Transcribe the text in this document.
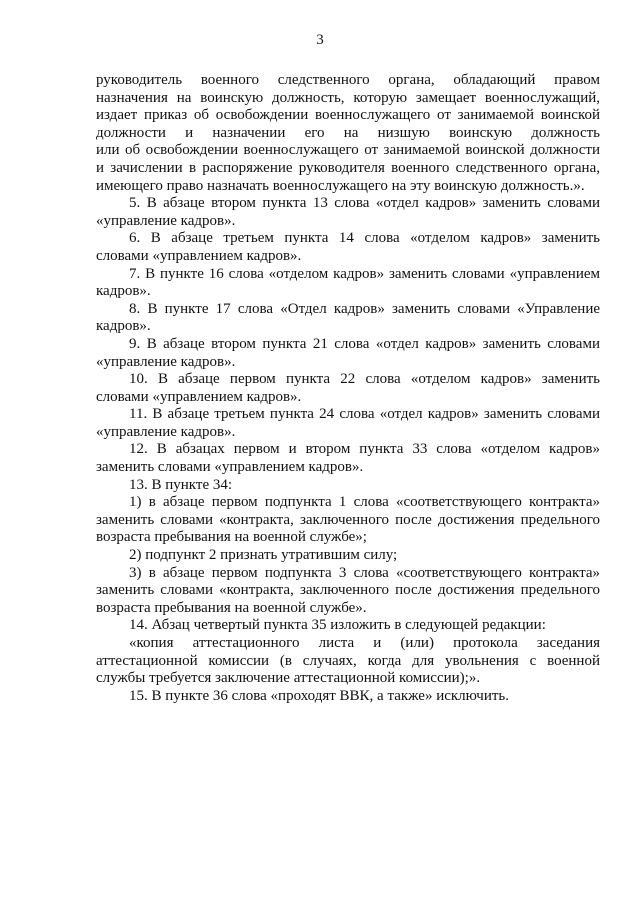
3
руководитель военного следственного органа, обладающий правом
назначения на воинскую должность, которую замещает военнослужащий,
издает приказ об освобождении военнослужащего от занимаемой воинской
должности и назначении его на низшую воинскую должность
или об освобождении военнослужащего от занимаемой воинской должности
и зачислении в распоряжение руководителя военного следственного органа,
имеющего право назначать военнослужащего на эту воинскую должность.».
5. В абзаце втором пункта 13 слова «отдел кадров» заменить словами
«управление кадров».
6. В абзаце третьем пункта 14 слова «отделом кадров» заменить
словами «управлением кадров».
7. В пункте 16 слова «отделом кадров» заменить словами «управлением
кадров».
8. В пункте 17 слова «Отдел кадров» заменить словами «Управление
кадров».
9. В абзаце втором пункта 21 слова «отдел кадров» заменить словами
«управление кадров».
10. В абзаце первом пункта 22 слова «отделом кадров» заменить
словами «управлением кадров».
11. В абзаце третьем пункта 24 слова «отдел кадров» заменить словами
«управление кадров».
12. В абзацах первом и втором пункта 33 слова «отделом кадров»
заменить словами «управлением кадров».
13. В пункте 34:
1) в абзаце первом подпункта 1 слова «соответствующего контракта»
заменить словами «контракта, заключенного после достижения предельного
возраста пребывания на военной службе»;
2) подпункт 2 признать утратившим силу;
3) в абзаце первом подпункта 3 слова «соответствующего контракта»
заменить словами «контракта, заключенного после достижения предельного
возраста пребывания на военной службе».
14. Абзац четвертый пункта 35 изложить в следующей редакции:
«копия аттестационного листа и (или) протокола заседания
аттестационной комиссии (в случаях, когда для увольнения с военной
службы требуется заключение аттестационной комиссии);».
15. В пункте 36 слова «проходят ВВК, а также» исключить.
